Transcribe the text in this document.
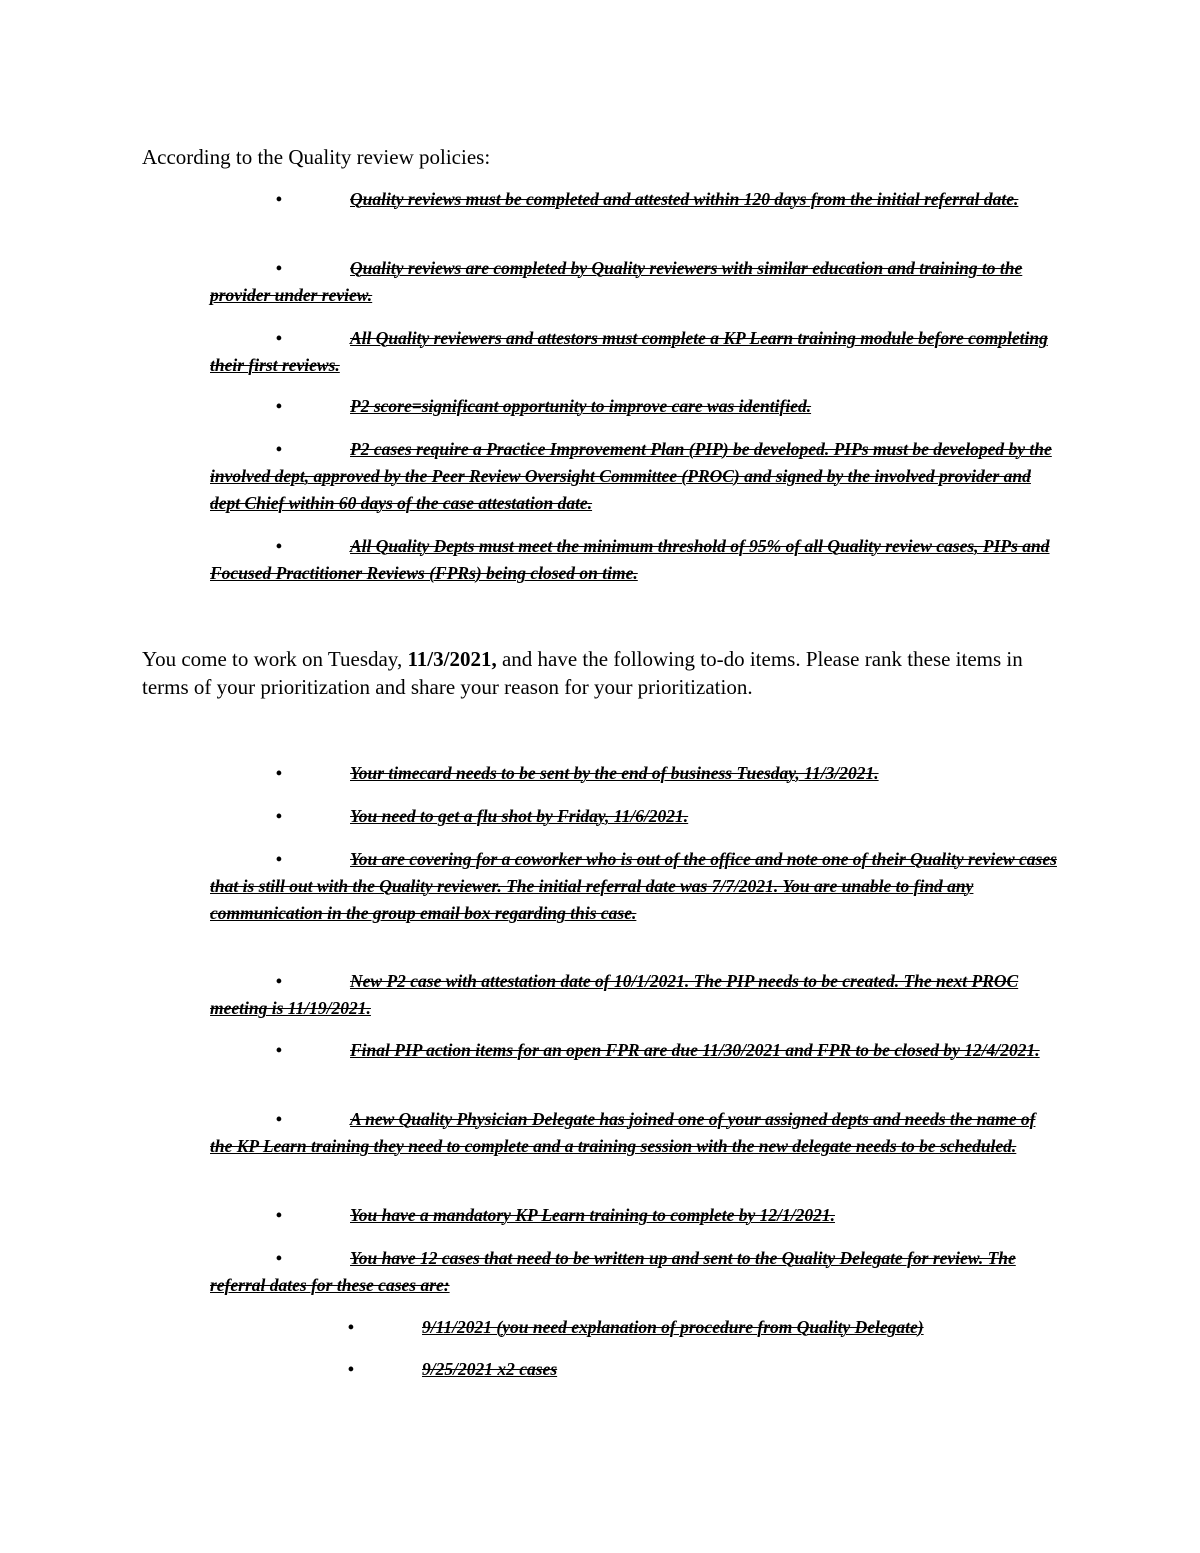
According to the Quality review policies:
•	Quality reviews must be completed and attested within 120 days from the initial referral date.
•	Quality reviews are completed by Quality reviewers with similar education and training to the provider under review.
•	All Quality reviewers and attestors must complete a KP Learn training module before completing their first reviews.
•	P2 score=significant opportunity to improve care was identified.
•	P2 cases require a Practice Improvement Plan (PIP) be developed. PIPs must be developed by the involved dept, approved by the Peer Review Oversight Committee (PROC) and signed by the involved provider and dept Chief within 60 days of the case attestation date.
•	All Quality Depts must meet the minimum threshold of 95% of all Quality review cases, PIPs and Focused Practitioner Reviews (FPRs) being closed on time.
You come to work on Tuesday, 11/3/2021, and have the following to-do items. Please rank these items in terms of your prioritization and share your reason for your prioritization.
•	Your timecard needs to be sent by the end of business Tuesday, 11/3/2021.
•	You need to get a flu shot by Friday, 11/6/2021.
•	You are covering for a coworker who is out of the office and note one of their Quality review cases that is still out with the Quality reviewer. The initial referral date was 7/7/2021. You are unable to find any communication in the group email box regarding this case.
•	New P2 case with attestation date of 10/1/2021. The PIP needs to be created. The next PROC meeting is 11/19/2021.
•	Final PIP action items for an open FPR are due 11/30/2021 and FPR to be closed by 12/4/2021.
•	A new Quality Physician Delegate has joined one of your assigned depts and needs the name of the KP Learn training they need to complete and a training session with the new delegate needs to be scheduled.
•	You have a mandatory KP Learn training to complete by 12/1/2021.
•	You have 12 cases that need to be written up and sent to the Quality Delegate for review. The referral dates for these cases are:
•	9/11/2021 (you need explanation of procedure from Quality Delegate)
•	9/25/2021 x2 cases
